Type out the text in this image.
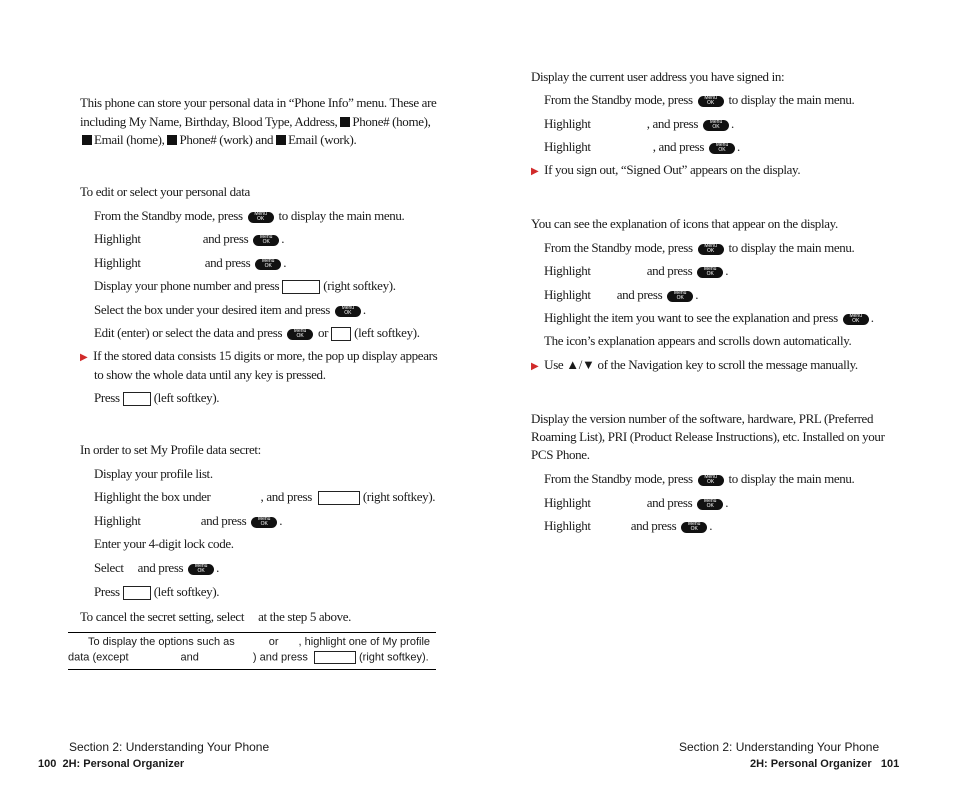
This phone can store your personal data in “Phone Info” menu. These are
including My Name, Birthday, Blood Type, Address, Phone# (home),
Email (home), Phone# (work) and Email (work).
To edit or select your personal data
From the Standby mode, press	Menu
OK	to display the main menu.
Highlight	and press	Menu
OK .
Highlight	and press	Menu
OK .
Display your phone number and press	(right softkey).
Select the box under your desired item and press	Menu
OK .
Edit (enter) or select the data and press	Menu
OK	or (left softkey).
▶ If the stored data consists 15 digits or more, the pop up display appears
to show the whole data until any key is pressed.
Press	(left softkey).
In order to set My Profile data secret:
Display your profile list.
Highlight the box under	, and press	(right softkey).
Highlight	and press	Menu
OK .
Enter your 4-digit lock code.
Select and press	Menu
OK .
Press	(left softkey).
To cancel the secret setting, select at the step 5 above.
To display the options such as	or , highlight one of My profile
data (except	and	) and press	(right softkey).
Display the current user address you have signed in:
From the Standby mode, press	Menu
OK	to display the main menu.
Highlight	, and press	Menu
OK .
Highlight	, and press	Menu
OK .
▶ If you sign out, “Signed Out” appears on the display.
You can see the explanation of icons that appear on the display.
From the Standby mode, press	Menu
OK	to display the main menu.
Highlight	and press	Menu
OK .
Highlight and press	Menu
OK .
Highlight the item you want to see the explanation and press	Menu
OK .
The icon’s explanation appears and scrolls down automatically.
▶ Use ▲/▼ of the Navigation key to scroll the message manually.
Display the version number of the software, hardware, PRL (Preferred
Roaming List), PRI (Product Release Instructions), etc. Installed on your
PCS Phone.
From the Standby mode, press	Menu
OK	to display the main menu.
Highlight	and press	Menu
OK .
Highlight	and press	Menu
OK .
Section 2: Understanding Your Phone
100 2H: Personal Organizer
Section 2: Understanding Your Phone
2H: Personal Organizer 101
